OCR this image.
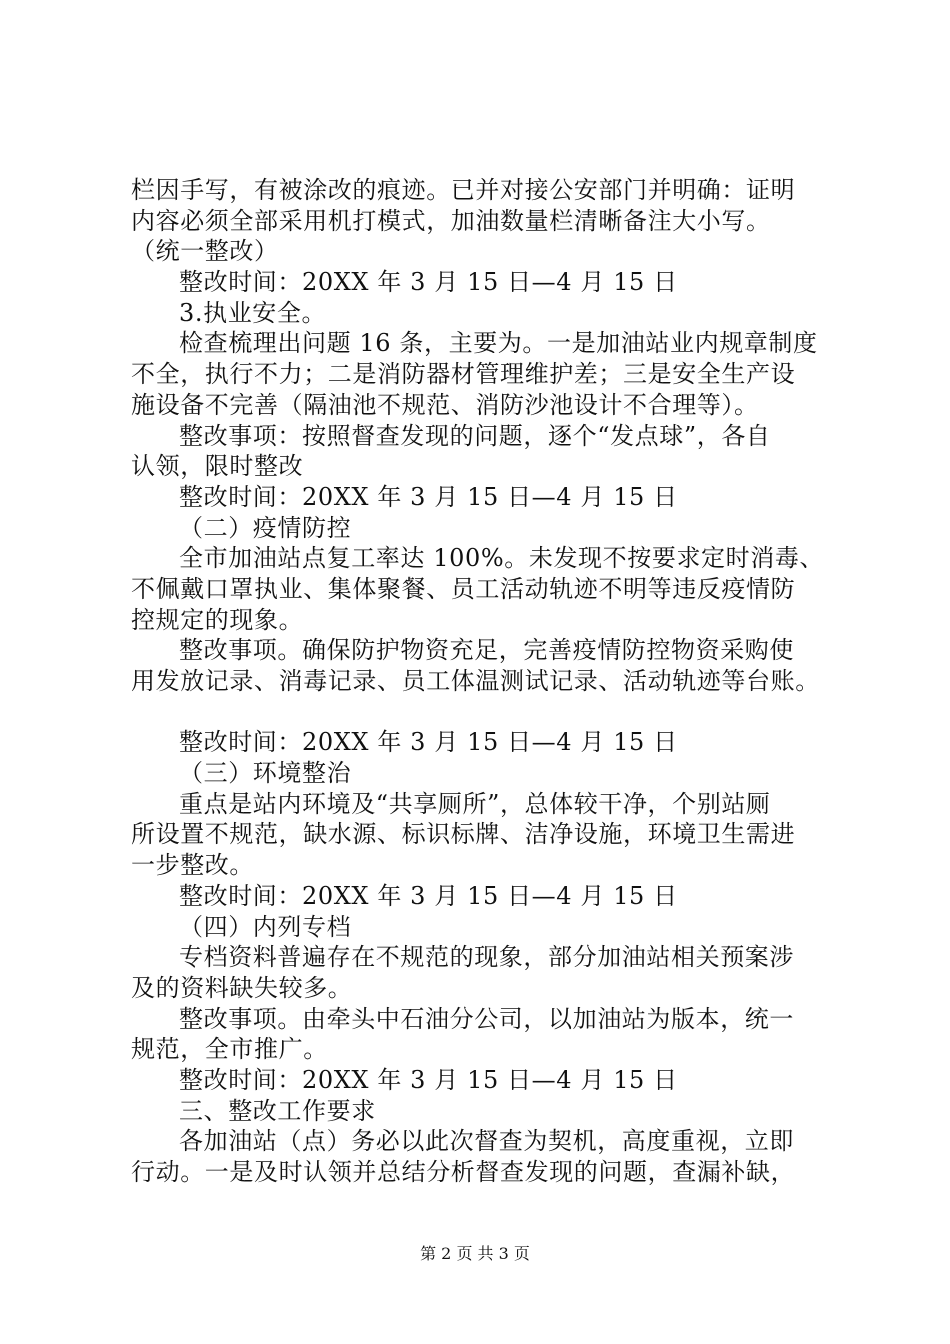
栏因手写，有被涂改的痕迹。已并对接公安部门并明确：证明

内容必须全部采用机打模式，加油数量栏清晰备注大小写。

（统一整改）

整改时间：20XX 年 3 月 15 日—4 月 15 日

3.执业安全。

检查梳理出问题 16 条，主要为。一是加油站业内规章制度

不全，执行不力；二是消防器材管理维护差；三是安全生产设

施设备不完善（隔油池不规范、消防沙池设计不合理等）。

整改事项：按照督查发现的问题，逐个“发点球”，各自

认领，限时整改

整改时间：20XX 年 3 月 15 日—4 月 15 日

（二）疫情防控

全市加油站点复工率达 100%。未发现不按要求定时消毒、

不佩戴口罩执业、集体聚餐、员工活动轨迹不明等违反疫情防

控规定的现象。

整改事项。确保防护物资充足，完善疫情防控物资采购使

用发放记录、消毒记录、员工体温测试记录、活动轨迹等台账。

整改时间：20XX 年 3 月 15 日—4 月 15 日

（三）环境整治

重点是站内环境及“共享厕所”，总体较干净，个别站厕

所设置不规范，缺水源、标识标牌、洁净设施，环境卫生需进

一步整改。

整改时间：20XX 年 3 月 15 日—4 月 15 日

（四）内列专档

专档资料普遍存在不规范的现象，部分加油站相关预案涉

及的资料缺失较多。

整改事项。由牵头中石油分公司，以加油站为版本，统一

规范，全市推广。

整改时间：20XX 年 3 月 15 日—4 月 15 日

三、整改工作要求

各加油站（点）务必以此次督查为契机，高度重视，立即

行动。一是及时认领并总结分析督查发现的问题，查漏补缺，

第 2 页 共 3 页
